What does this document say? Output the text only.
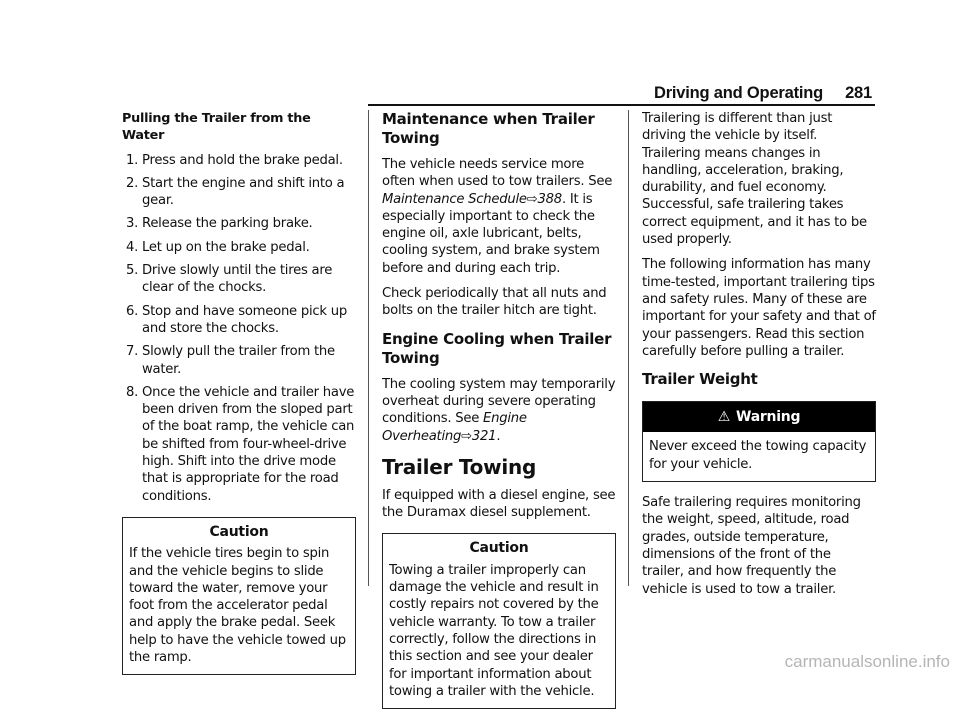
Driving and Operating 281
Pulling the Trailer from the Water
1. Press and hold the brake pedal.
2. Start the engine and shift into a gear.
3. Release the parking brake.
4. Let up on the brake pedal.
5. Drive slowly until the tires are clear of the chocks.
6. Stop and have someone pick up and store the chocks.
7. Slowly pull the trailer from the water.
8. Once the vehicle and trailer have been driven from the sloped part of the boat ramp, the vehicle can be shifted from four-wheel-drive high. Shift into the drive mode that is appropriate for the road conditions.
Caution
If the vehicle tires begin to spin and the vehicle begins to slide toward the water, remove your foot from the accelerator pedal and apply the brake pedal. Seek help to have the vehicle towed up the ramp.
Maintenance when Trailer Towing

The vehicle needs service more often when used to tow trailers. See Maintenance Schedule⇨388. It is especially important to check the engine oil, axle lubricant, belts, cooling system, and brake system before and during each trip.

Check periodically that all nuts and bolts on the trailer hitch are tight.

Engine Cooling when Trailer Towing

The cooling system may temporarily overheat during severe operating conditions. See Engine Overheating⇨321.

Trailer Towing

If equipped with a diesel engine, see the Duramax diesel supplement.

Caution
Towing a trailer improperly can damage the vehicle and result in costly repairs not covered by the vehicle warranty. To tow a trailer correctly, follow the directions in this section and see your dealer for important information about towing a trailer with the vehicle.

Trailering is different than just driving the vehicle by itself. Trailering means changes in handling, acceleration, braking, durability, and fuel economy. Successful, safe trailering takes correct equipment, and it has to be used properly.

The following information has many time-tested, important trailering tips and safety rules. Many of these are important for your safety and that of your passengers. Read this section carefully before pulling a trailer.

Trailer Weight
⚠ Warning
Never exceed the towing capacity for your vehicle.

Safe trailering requires monitoring the weight, speed, altitude, road grades, outside temperature, dimensions of the front of the trailer, and how frequently the vehicle is used to tow a trailer.

carmanualsonline.info
